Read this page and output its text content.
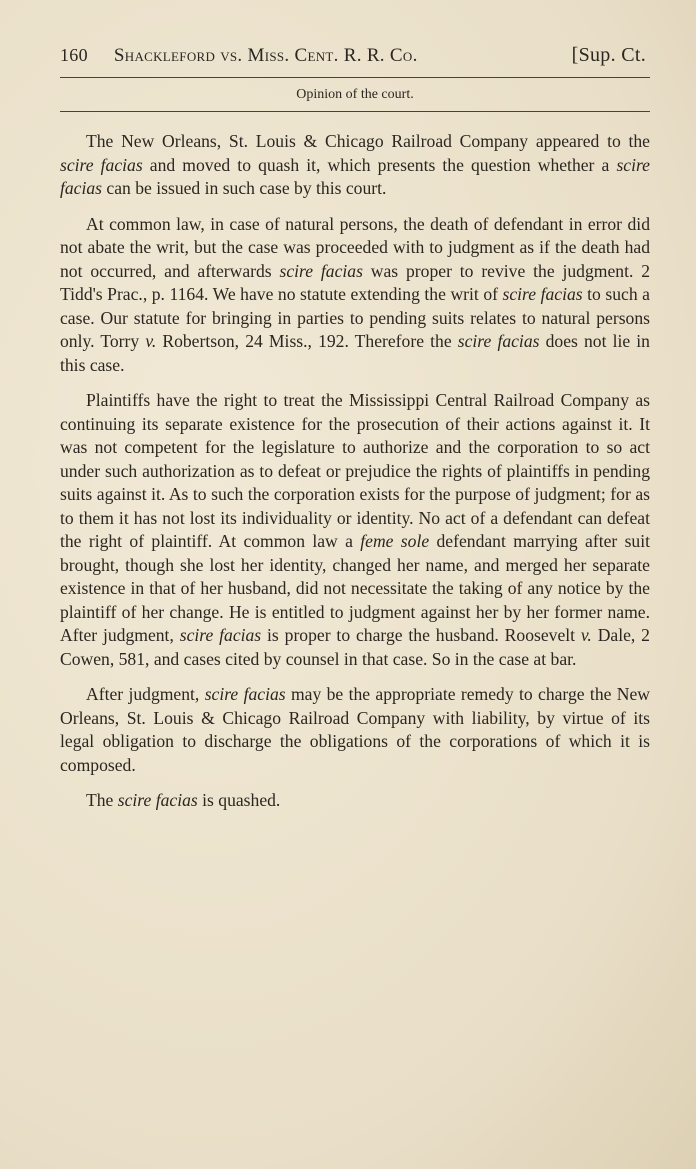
160 Shackleford vs. Miss. Cent. R. R. Co.	[Sup. Ct.
Opinion of the court.

The New Orleans, St. Louis & Chicago Railroad Company appeared to the scire facias and moved to quash it, which presents the question whether a scire facias can be issued in such case by this court.

At common law, in case of natural persons, the death of defendant in error did not abate the writ, but the case was proceeded with to judgment as if the death had not occurred, and afterwards scire facias was proper to revive the judgment. 2 Tidd's Prac., p. 1164. We have no statute extending the writ of scire facias to such a case. Our statute for bringing in parties to pending suits relates to natural persons only. Torry v. Robertson, 24 Miss., 192. Therefore the scire facias does not lie in this case.

Plaintiffs have the right to treat the Mississippi Central Railroad Company as continuing its separate existence for the prosecution of their actions against it. It was not competent for the legislature to authorize and the corporation to so act under such authorization as to defeat or prejudice the rights of plaintiffs in pending suits against it. As to such the corporation exists for the purpose of judgment; for as to them it has not lost its individuality or identity. No act of a defendant can defeat the right of plaintiff. At common law a feme sole defendant marrying after suit brought, though she lost her identity, changed her name, and merged her separate existence in that of her husband, did not necessitate the taking of any notice by the plaintiff of her change. He is entitled to judgment against her by her former name. After judgment, scire facias is proper to charge the husband. Roosevelt v. Dale, 2 Cowen, 581, and cases cited by counsel in that case. So in the case at bar.

After judgment, scire facias may be the appropriate remedy to charge the New Orleans, St. Louis & Chicago Railroad Company with liability, by virtue of its legal obligation to discharge the obligations of the corporations of which it is composed.

The scire facias is quashed.
